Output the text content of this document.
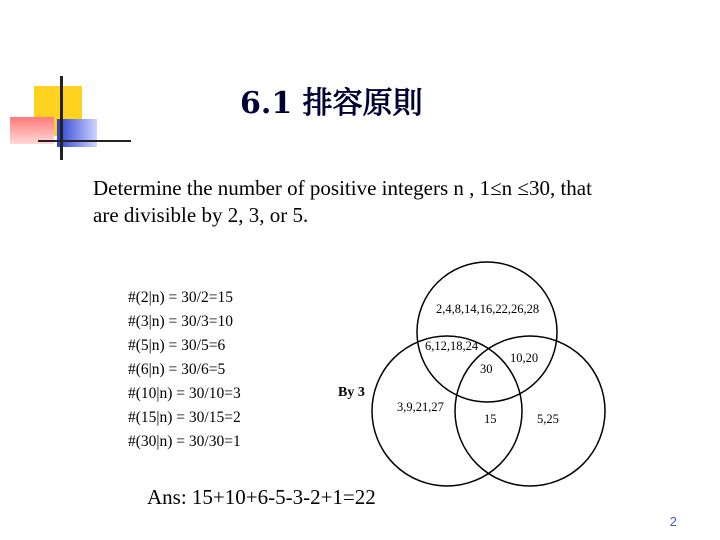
6.1 排容原則
Determine the number of positive integers n , 1≤n ≤30, that
are divisible by 2, 3, or 5.
#(2|n) = 30/2=15
#(3|n) = 30/3=10
#(5|n) = 30/5=6
#(6|n) = 30/6=5
#(10|n) = 30/10=3
#(15|n) = 30/15=2
#(30|n) = 30/30=1
By 3
2,4,8,14,16,22,26,28
6,12,18,24
10,20
30
3,9,21,27
15	5,25
Ans: 15+10+6-5-3-2+1=22
2
